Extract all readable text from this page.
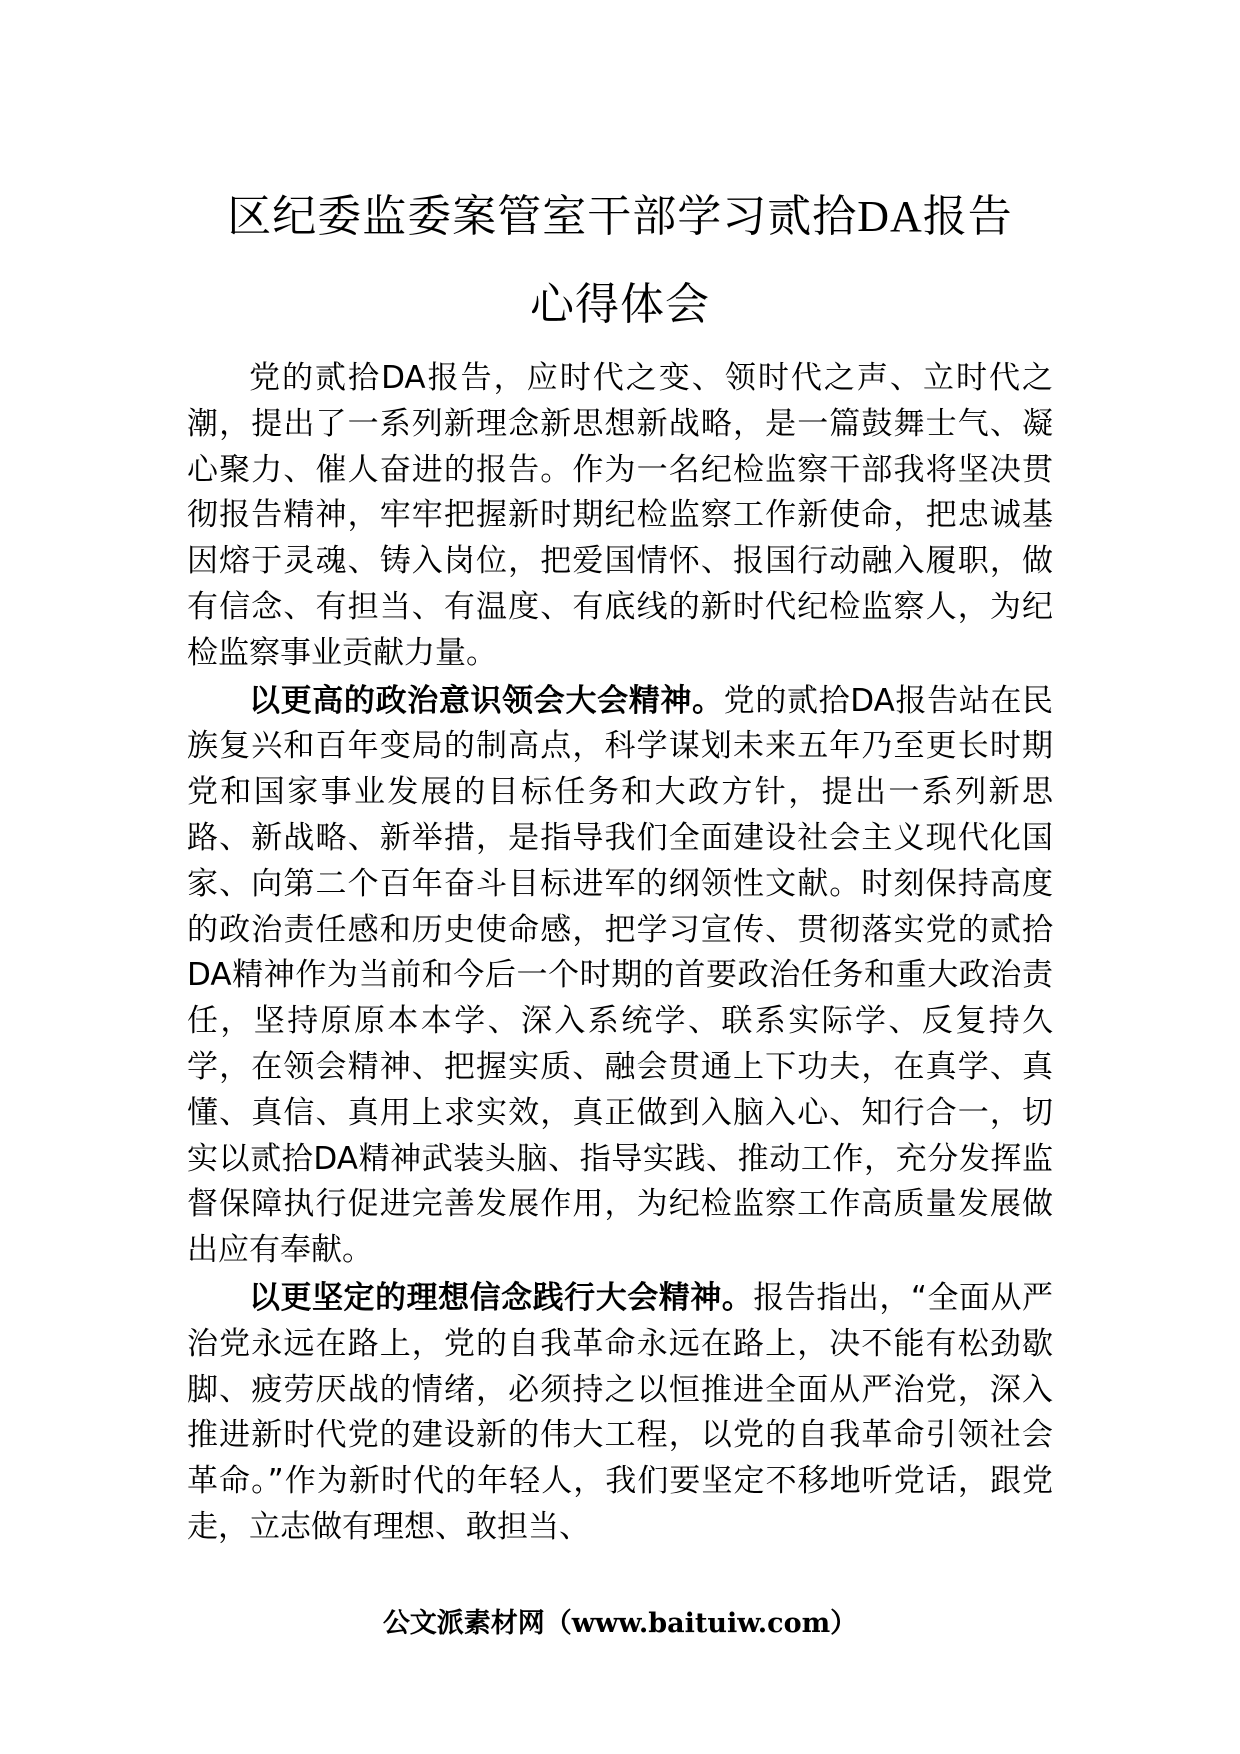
区纪委监委案管室干部学习贰拾DA报告
心得体会

党的贰拾DA报告，应时代之变、领时代之声、立时代之潮，提出了一系列新理念新思想新战略，是一篇鼓舞士气、凝心聚力、催人奋进的报告。作为一名纪检监察干部我将坚决贯彻报告精神，牢牢把握新时期纪检监察工作新使命，把忠诚基因熔于灵魂、铸入岗位，把爱国情怀、报国行动融入履职，做有信念、有担当、有温度、有底线的新时代纪检监察人，为纪检监察事业贡献力量。

以更高的政治意识领会大会精神。党的贰拾DA报告站在民族复兴和百年变局的制高点，科学谋划未来五年乃至更长时期党和国家事业发展的目标任务和大政方针，提出一系列新思路、新战略、新举措，是指导我们全面建设社会主义现代化国家、向第二个百年奋斗目标进军的纲领性文献。时刻保持高度的政治责任感和历史使命感，把学习宣传、贯彻落实党的贰拾DA精神作为当前和今后一个时期的首要政治任务和重大政治责任，坚持原原本本学、深入系统学、联系实际学、反复持久学，在领会精神、把握实质、融会贯通上下功夫，在真学、真懂、真信、真用上求实效，真正做到入脑入心、知行合一，切实以贰拾DA精神武装头脑、指导实践、推动工作，充分发挥监督保障执行促进完善发展作用，为纪检监察工作高质量发展做出应有奉献。

以更坚定的理想信念践行大会精神。报告指出，“全面从严治党永远在路上，党的自我革命永远在路上，决不能有松劲歇脚、疲劳厌战的情绪，必须持之以恒推进全面从严治党，深入推进新时代党的建设新的伟大工程，以党的自我革命引领社会革命。”作为新时代的年轻人，我们要坚定不移地听党话，跟党走，立志做有理想、敢担当、

公文派素材网（www.baituiw.com）
